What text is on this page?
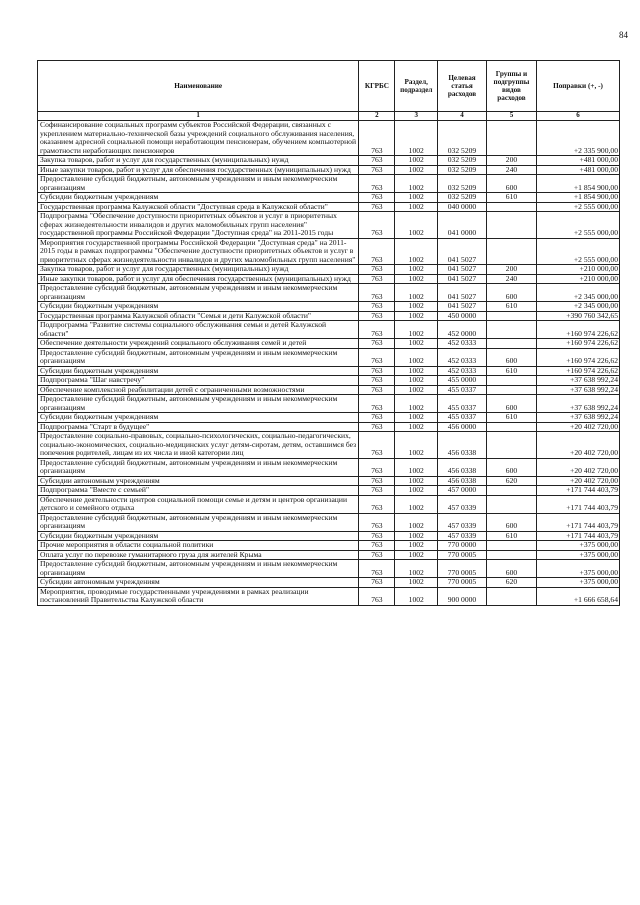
84
Наименование	КГРБС	Раздел, подраздел	Целевая статья расходов	Группы и подгруппы видов расходов	Поправки (+, -)
1	2	3	4	5	6
Софинансирование социальных программ субъектов Российской Федерации, связанных с укреплением материально-технической базы учреждений социального обслуживания населения, оказанием адресной социальной помощи неработающим пенсионерам, обучением компьютерной грамотности неработающих пенсионеров	763	1002	032 5209		+2 335 900,00
Закупка товаров, работ и услуг для государственных (муниципальных) нужд	763	1002	032 5209	200	+481 000,00
Иные закупки товаров, работ и услуг для обеспечения государственных (муниципальных) нужд	763	1002	032 5209	240	+481 000,00
Предоставление субсидий бюджетным, автономным учреждениям и иным некоммерческим организациям	763	1002	032 5209	600	+1 854 900,00
Субсидии бюджетным учреждениям	763	1002	032 5209	610	+1 854 900,00
Государственная программа Калужской области "Доступная среда в Калужской области"	763	1002	040 0000		+2 555 000,00
Подпрограмма "Обеспечение доступности приоритетных объектов и услуг в приоритетных сферах жизнедеятельности инвалидов и других маломобильных групп населения" государственной программы Российской Федерации "Доступная среда" на 2011-2015 годы	763	1002	041 0000		+2 555 000,00
Мероприятия государственной программы Российской Федерации "Доступная среда" на 2011-2015 годы в рамках подпрограммы "Обеспечение доступности приоритетных объектов и услуг в приоритетных сферах жизнедеятельности инвалидов и других маломобильных групп населения"	763	1002	041 5027		+2 555 000,00
Закупка товаров, работ и услуг для государственных (муниципальных) нужд	763	1002	041 5027	200	+210 000,00
Иные закупки товаров, работ и услуг для обеспечения государственных (муниципальных) нужд	763	1002	041 5027	240	+210 000,00
Предоставление субсидий бюджетным, автономным учреждениям и иным некоммерческим организациям	763	1002	041 5027	600	+2 345 000,00
Субсидии бюджетным учреждениям	763	1002	041 5027	610	+2 345 000,00
Государственная программа Калужской области "Семья и дети Калужской области"	763	1002	450 0000		+390 760 342,65
Подпрограмма "Развитие системы социального обслуживания семьи и детей Калужской области"	763	1002	452 0000		+160 974 226,62
Обеспечение деятельности учреждений социального обслуживания семей и детей	763	1002	452 0333		+160 974 226,62
Предоставление субсидий бюджетным, автономным учреждениям и иным некоммерческим организациям	763	1002	452 0333	600	+160 974 226,62
Субсидии бюджетным учреждениям	763	1002	452 0333	610	+160 974 226,62
Подпрограмма "Шаг навстречу"	763	1002	455 0000		+37 638 992,24
Обеспечение комплексной реабилитации детей с ограниченными возможностями	763	1002	455 0337		+37 638 992,24
Предоставление субсидий бюджетным, автономным учреждениям и иным некоммерческим организациям	763	1002	455 0337	600	+37 638 992,24
Субсидии бюджетным учреждениям	763	1002	455 0337	610	+37 638 992,24
Подпрограмма "Старт в будущее"	763	1002	456 0000		+20 402 720,00
Предоставление социально-правовых, социально-психологических, социально-педагогических, социально-экономических, социально-медицинских услуг детям-сиротам, детям, оставшимся без попечения родителей, лицам из их числа и иной категории лиц	763	1002	456 0338		+20 402 720,00
Предоставление субсидий бюджетным, автономным учреждениям и иным некоммерческим организациям	763	1002	456 0338	600	+20 402 720,00
Субсидии автономным учреждениям	763	1002	456 0338	620	+20 402 720,00
Подпрограмма "Вместе с семьей"	763	1002	457 0000		+171 744 403,79
Обеспечение деятельности центров социальной помощи семье и детям и центров организации детского и семейного отдыха	763	1002	457 0339		+171 744 403,79
Предоставление субсидий бюджетным, автономным учреждениям и иным некоммерческим организациям	763	1002	457 0339	600	+171 744 403,79
Субсидии бюджетным учреждениям	763	1002	457 0339	610	+171 744 403,79
Прочие мероприятия в области социальной политики	763	1002	770 0000		+375 000,00
Оплата услуг по перевозке гуманитарного груза для жителей Крыма	763	1002	770 0005		+375 000,00
Предоставление субсидий бюджетным, автономным учреждениям и иным некоммерческим организациям	763	1002	770 0005	600	+375 000,00
Субсидии автономным учреждениям	763	1002	770 0005	620	+375 000,00
Мероприятия, проводимые государственными учреждениями в рамках реализации постановлений Правительства Калужской области	763	1002	900 0000		+1 666 658,64
